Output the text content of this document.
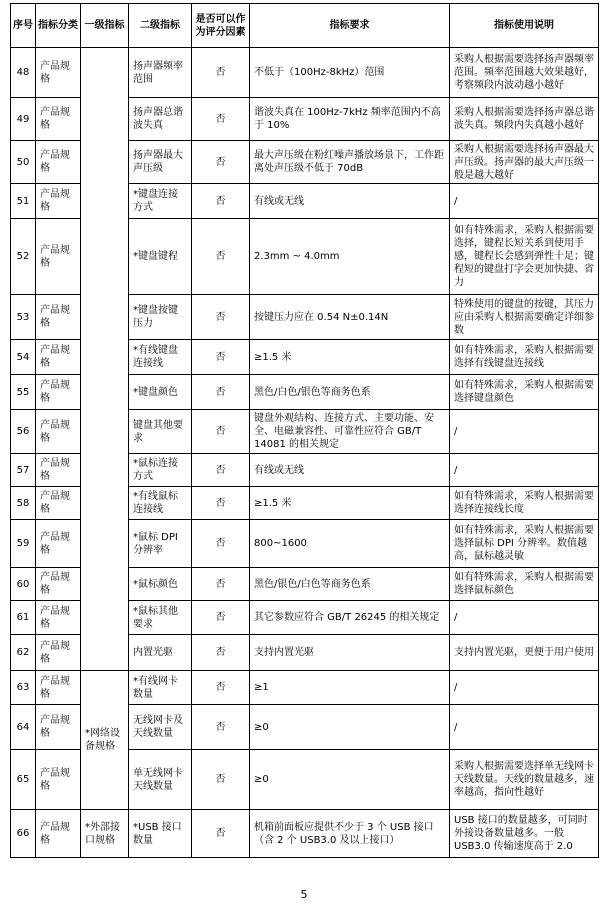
序号	指标分类	一级指标	二级指标	是否可以作为评分因素	指标要求	指标使用说明
48	产品规格		扬声器频率范围	否	不低于（100Hz-8kHz）范围	采购人根据需要选择扬声器频率范围。频率范围越大效果越好，考察频段内波动越小越好
49	产品规格		扬声器总谐波失真	否	谐波失真在 100Hz-7kHz 频率范围内不高于 10%	采购人根据需要选择扬声器总谐波失真。频段内失真越小越好
50	产品规格		扬声器最大声压级	否	最大声压级在粉红噪声播放场景下，工作距离处声压级不低于 70dB	采购人根据需要选择扬声器最大声压级。扬声器的最大声压级一般是越大越好
51	产品规格		*键盘连接方式	否	有线或无线	/
52	产品规格		*键盘键程	否	2.3mm ~ 4.0mm	如有特殊需求，采购人根据需要选择，键程长短关系到使用手感，键程长会感到弹性十足；键程短的键盘打字会更加快捷、省力
53	产品规格		*键盘按键压力	否	按键压力应在 0.54 N±0.14N	特殊使用的键盘的按键，其压力应由采购人根据需要确定详细参数
54	产品规格		*有线键盘连接线	否	≥1.5 米	如有特殊需求，采购人根据需要选择有线键盘连接线
55	产品规格		*键盘颜色	否	黑色/白色/银色等商务色系	如有特殊需求，采购人根据需要选择键盘颜色
56	产品规格		键盘其他要求	否	键盘外观结构、连接方式、主要功能、安全、电磁兼容性、可靠性应符合 GB/T 14081 的相关规定	/
57	产品规格		*鼠标连接方式	否	有线或无线	/
58	产品规格		*有线鼠标连接线	否	≥1.5 米	如有特殊需求，采购人根据需要选择连接线长度
59	产品规格		*鼠标 DPI 分辨率	否	800~1600	如有特殊需求，采购人根据需要选择鼠标 DPI 分辨率。数值越高，鼠标越灵敏
60	产品规格		*鼠标颜色	否	黑色/银色/白色等商务色系	如有特殊需求，采购人根据需要选择鼠标颜色
61	产品规格		*鼠标其他要求	否	其它参数应符合 GB/T 26245 的相关规定	/
62	产品规格		内置光驱	否	支持内置光驱	支持内置光驱，更便于用户使用
63	产品规格	*网络设备规格	*有线网卡数量	否	≥1	/
64	产品规格		无线网卡及天线数量	否	≥0	/
65	产品规格		单无线网卡天线数量	否	≥0	采购人根据需要选择单无线网卡天线数量。天线的数量越多，速率越高，指向性越好
66	产品规格	*外部接口规格	*USB 接口数量	否	机箱前面板应提供不少于 3 个 USB 接口（含 2 个 USB3.0 及以上接口）	USB 接口的数量越多，可同时外接设备数量越多。一般 USB3.0 传输速度高于 2.0
5
